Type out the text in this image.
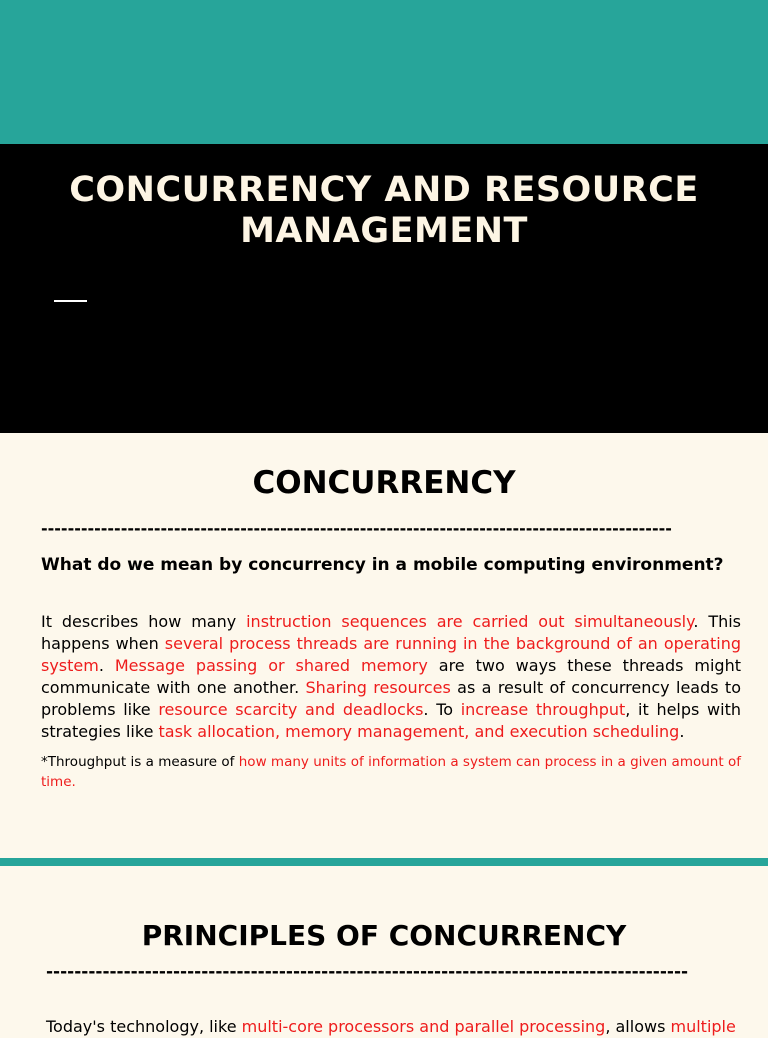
CONCURRENCY AND RESOURCE MANAGEMENT
CONCURRENCY
-----------------------------------------------------------------------------------------------

What do we mean by concurrency in a mobile computing environment?

It describes how many instruction sequences are carried out simultaneously. This happens when several process threads are running in the background of an operating system. Message passing or shared memory are two ways these threads might communicate with one another. Sharing resources as a result of concurrency leads to problems like resource scarcity and deadlocks. To increase throughput, it helps with strategies like task allocation, memory management, and execution scheduling.

*Throughput is a measure of how many units of information a system can process in a given amount of time.

PRINCIPLES OF CONCURRENCY

-------------------------------------------------------------------------------------------

Today's technology, like multi-core processors and parallel processing, allows multiple
